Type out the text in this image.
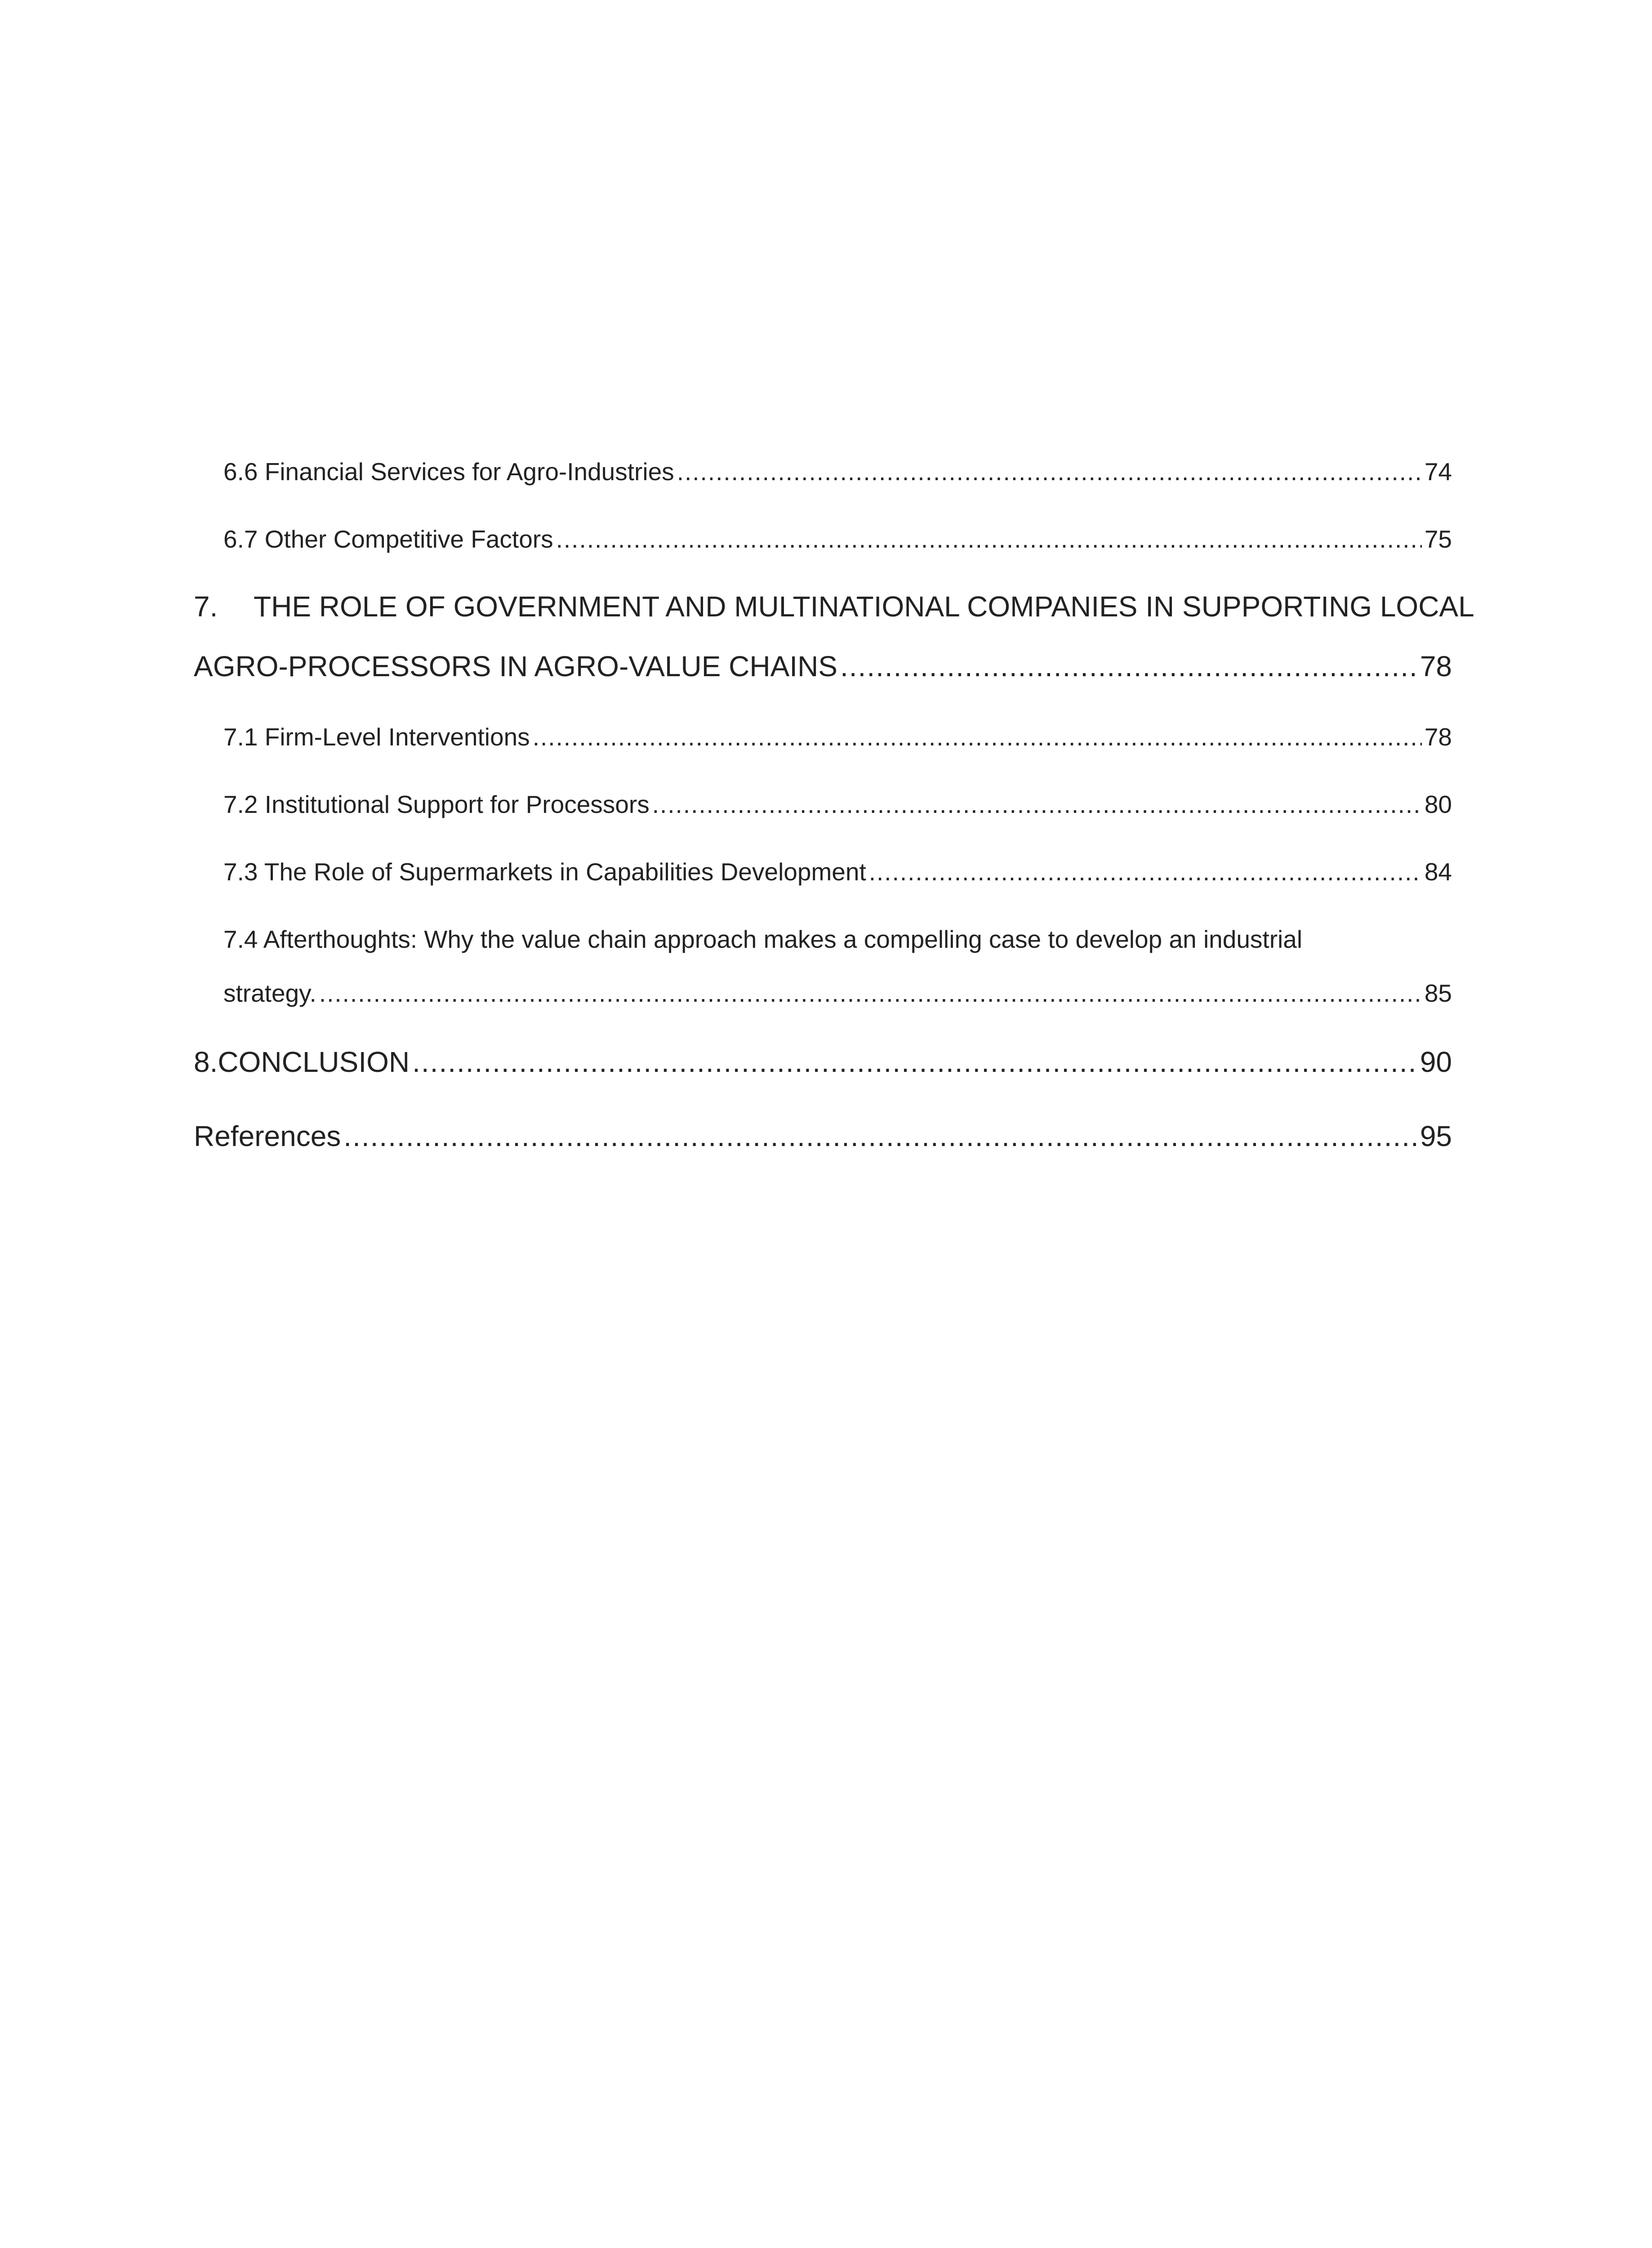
6.6 Financial Services for Agro-Industries .....	74
6.7 Other Competitive Factors .....	75
7. THE ROLE OF GOVERNMENT AND MULTINATIONAL COMPANIES IN SUPPORTING LOCAL
AGRO-PROCESSORS IN AGRO-VALUE CHAINS .....	78
7.1 Firm-Level Interventions .....	78
7.2 Institutional Support for Processors .....	80
7.3 The Role of Supermarkets in Capabilities Development .....	84
7.4 Afterthoughts: Why the value chain approach makes a compelling case to develop an industrial
strategy. .....	85
8. CONCLUSION .....	90
References .....	95
